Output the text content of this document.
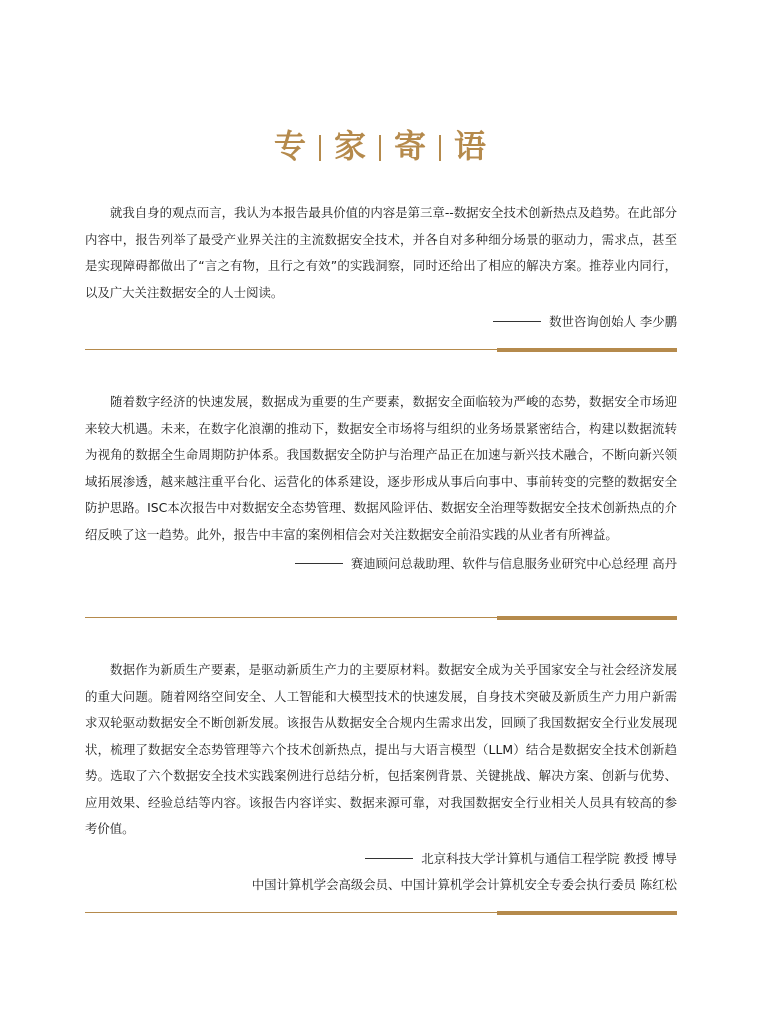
专 家 寄 语

就我自身的观点而言，我认为本报告最具价值的内容是第三章--数据安全技术创新热点及趋势。在此部分内容中，报告列举了最受产业界关注的主流数据安全技术，并各自对多种细分场景的驱动力，需求点，甚至是实现障碍都做出了“言之有物，且行之有效”的实践洞察，同时还给出了相应的解决方案。推荐业内同行，以及广大关注数据安全的人士阅读。

数世咨询创始人 李少鹏

随着数字经济的快速发展，数据成为重要的生产要素，数据安全面临较为严峻的态势，数据安全市场迎来较大机遇。未来，在数字化浪潮的推动下，数据安全市场将与组织的业务场景紧密结合，构建以数据流转为视角的数据全生命周期防护体系。我国数据安全防护与治理产品正在加速与新兴技术融合，不断向新兴领域拓展渗透，越来越注重平台化、运营化的体系建设，逐步形成从事后向事中、事前转变的完整的数据安全防护思路。ISC本次报告中对数据安全态势管理、数据风险评估、数据安全治理等数据安全技术创新热点的介绍反映了这一趋势。此外，报告中丰富的案例相信会对关注数据安全前沿实践的从业者有所裨益。

赛迪顾问总裁助理、软件与信息服务业研究中心总经理 高丹

数据作为新质生产要素，是驱动新质生产力的主要原材料。数据安全成为关乎国家安全与社会经济发展的重大问题。随着网络空间安全、人工智能和大模型技术的快速发展，自身技术突破及新质生产力用户新需求双轮驱动数据安全不断创新发展。该报告从数据安全合规内生需求出发，回顾了我国数据安全行业发展现状，梳理了数据安全态势管理等六个技术创新热点，提出与大语言模型（LLM）结合是数据安全技术创新趋势。选取了六个数据安全技术实践案例进行总结分析，包括案例背景、关键挑战、解决方案、创新与优势、应用效果、经验总结等内容。该报告内容详实、数据来源可靠，对我国数据安全行业相关人员具有较高的参考价值。

北京科技大学计算机与通信工程学院 教授 博导
中国计算机学会高级会员、中国计算机学会计算机安全专委会执行委员 陈红松
